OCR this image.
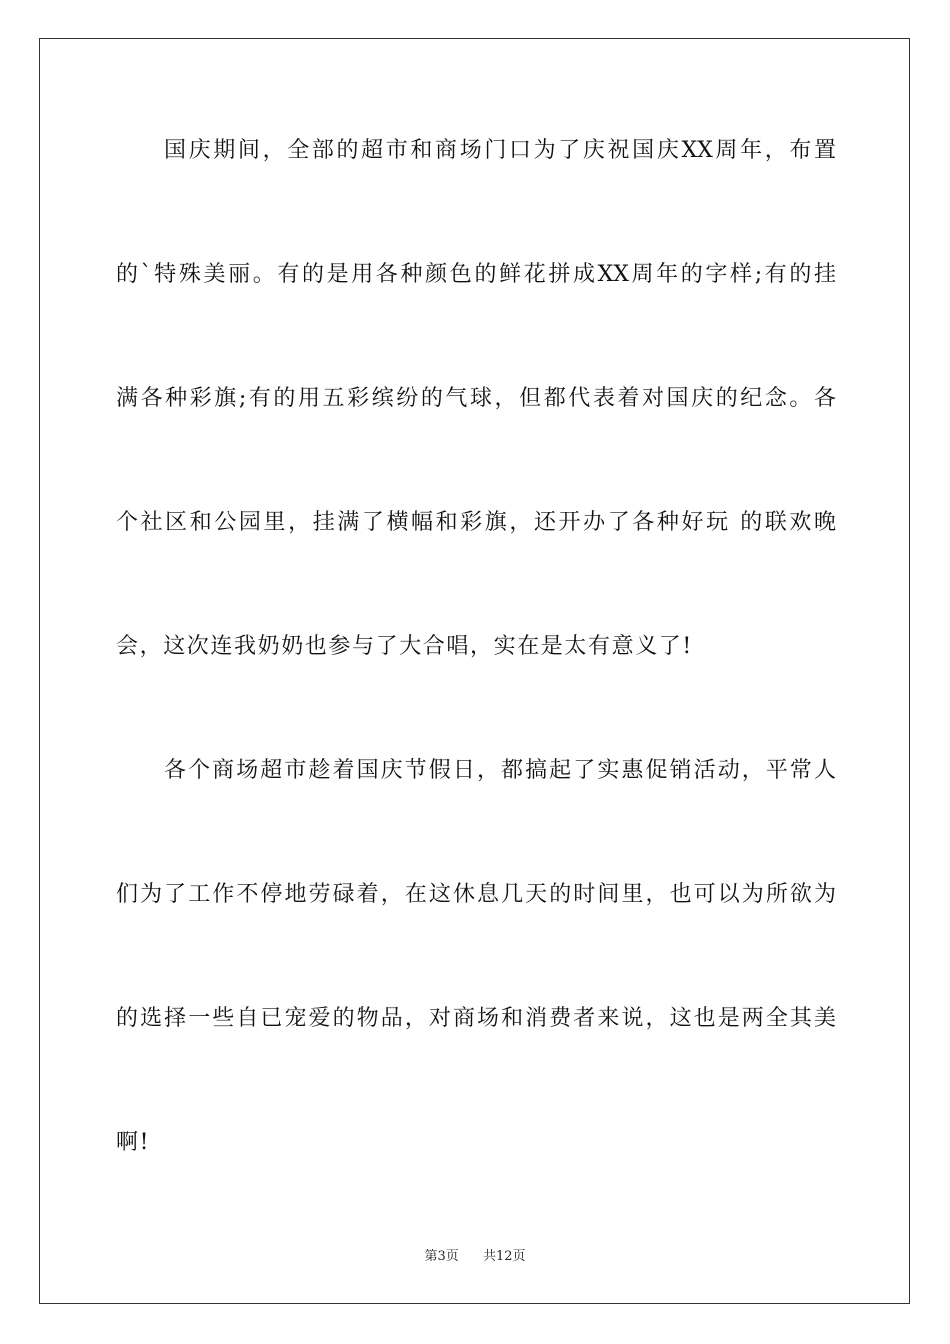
国庆期间，全部的超市和商场门口为了庆祝国庆XX周年，布置
的`特殊美丽。有的是用各种颜色的鲜花拼成XX周年的字样;有的挂
满各种彩旗;有的用五彩缤纷的气球，但都代表着对国庆的纪念。各
个社区和公园里，挂满了横幅和彩旗，还开办了各种好玩 的联欢晚
会，这次连我奶奶也参与了大合唱，实在是太有意义了!
各个商场超市趁着国庆节假日，都搞起了实惠促销活动，平常人
们为了工作不停地劳碌着，在这休息几天的时间里，也可以为所欲为
的选择一些自已宠爱的物品，对商场和消费者来说，这也是两全其美
啊!
第3页 共12页
